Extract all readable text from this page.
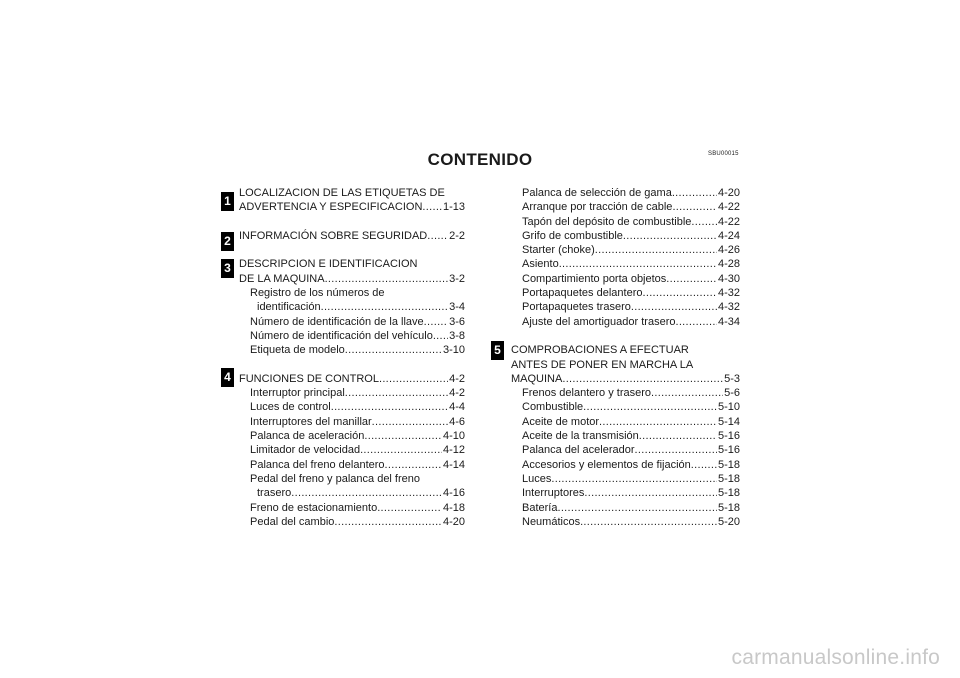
SBU00015
CONTENIDO
1
2
3
4
5
LOCALIZACION DE LAS ETIQUETAS DE
ADVERTENCIA Y ESPECIFICACION ..... 1-13
INFORMACIÓN SOBRE SEGURIDAD ..... 2-2
DESCRIPCION E IDENTIFICACION
DE LA MAQUINA .....	3-2
Registro de los números de
identificación .....	3-4
Número de identificación de la llave ..... 3-6
Número de identificación del vehículo ..... 3-8
Etiqueta de modelo .....	3-10
FUNCIONES DE CONTROL .....	4-2
Interruptor principal .....	4-2
Luces de control .....	4-4
Interruptores del manillar .....	4-6
Palanca de aceleración .....	4-10
Limitador de velocidad .....	4-12
Palanca del freno delantero .....	4-14
Pedal del freno y palanca del freno
trasero .....	4-16
Freno de estacionamiento .....	4-18
Pedal del cambio .....	4-20
Palanca de selección de gama .....	4-20
Arranque por tracción de cable .....	4-22
Tapón del depósito de combustible ..... 4-22
Grifo de combustible .....	4-24
Starter (choke) .....	4-26
Asiento .....	4-28
Compartimiento porta objetos .....	4-30
Portapaquetes delantero .....	4-32
Portapaquetes trasero .....	4-32
Ajuste del amortiguador trasero .....	4-34
COMPROBACIONES A EFECTUAR
ANTES DE PONER EN MARCHA LA
MAQUINA .....	5-3
Frenos delantero y trasero .....	5-6
Combustible .....	5-10
Aceite de motor .....	5-14
Aceite de la transmisión .....	5-16
Palanca del acelerador .....	5-16
Accesorios y elementos de fijación ..... 5-18
Luces .....	5-18
Interruptores .....	5-18
Batería .....	5-18
Neumáticos .....	5-20
carmanualsonline.info
